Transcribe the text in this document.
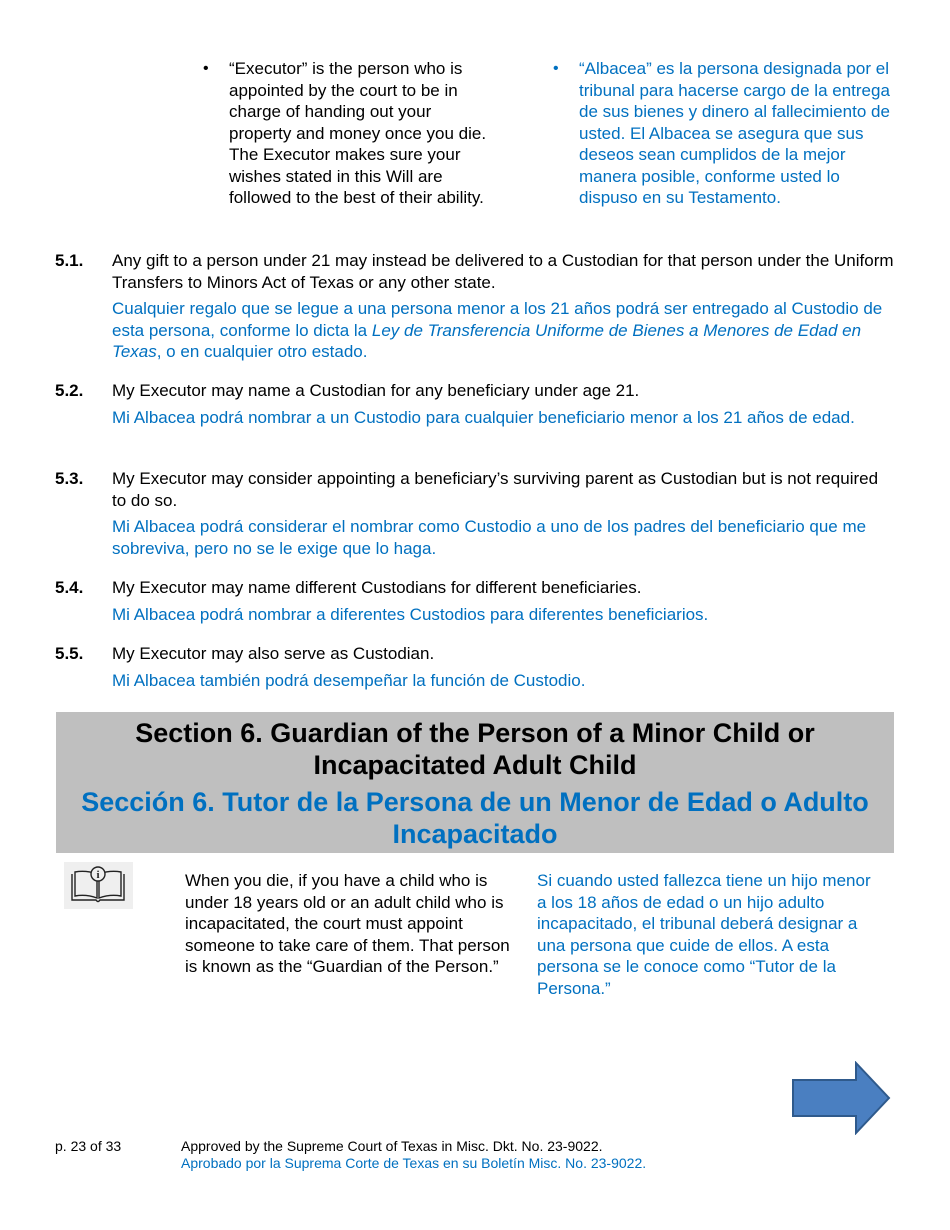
•	“Executor” is the person who is appointed by the court to be in charge of handing out your property and money once you die. The Executor makes sure your wishes stated in this Will are followed to the best of their ability.
•	“Albacea” es la persona designada por el tribunal para hacerse cargo de la entrega de sus bienes y dinero al fallecimiento de usted. El Albacea se asegura que sus deseos sean cumplidos de la mejor manera posible, conforme usted lo dispuso en su Testamento.
5.1.	Any gift to a person under 21 may instead be delivered to a Custodian for that person under the Uniform Transfers to Minors Act of Texas or any other state.
Cualquier regalo que se legue a una persona menor a los 21 años podrá ser entregado al Custodio de esta persona, conforme lo dicta la Ley de Transferencia Uniforme de Bienes a Menores de Edad en Texas, o en cualquier otro estado.
5.2.	My Executor may name a Custodian for any beneficiary under age 21.
Mi Albacea podrá nombrar a un Custodio para cualquier beneficiario menor a los 21 años de edad.
5.3.	My Executor may consider appointing a beneficiary’s surviving parent as Custodian but is not required to do so.
Mi Albacea podrá considerar el nombrar como Custodio a uno de los padres del beneficiario que me sobreviva, pero no se le exige que lo haga.
5.4.	My Executor may name different Custodians for different beneficiaries.
Mi Albacea podrá nombrar a diferentes Custodios para diferentes beneficiarios.
5.5.	My Executor may also serve as Custodian.
Mi Albacea también podrá desempeñar la función de Custodio.
Section 6. Guardian of the Person of a Minor Child or Incapacitated Adult Child
Sección 6. Tutor de la Persona de un Menor de Edad o Adulto Incapacitado
i	When you die, if you have a child who is under 18 years old or an adult child who is incapacitated, the court must appoint someone to take care of them. That person is known as the “Guardian of the Person.”
Si cuando usted fallezca tiene un hijo menor a los 18 años de edad o un hijo adulto incapacitado, el tribunal deberá designar a una persona que cuide de ellos. A esta persona se le conoce como “Tutor de la Persona.”
p. 23 of 33	Approved by the Supreme Court of Texas in Misc. Dkt. No. 23-9022.
Aprobado por la Suprema Corte de Texas en su Boletín Misc. No. 23-9022.
